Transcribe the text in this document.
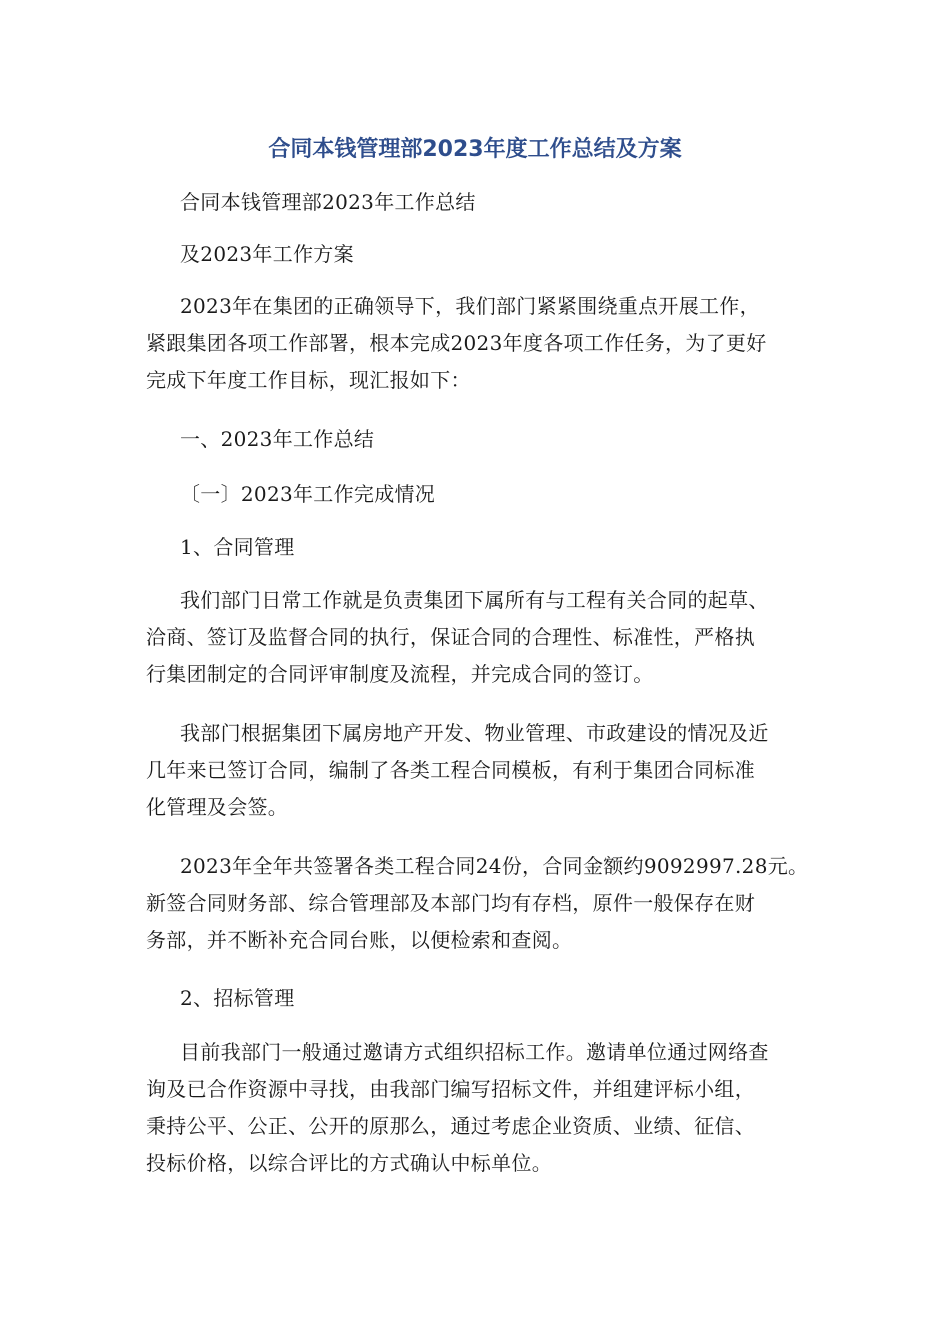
合同本钱管理部2023年度工作总结及方案

合同本钱管理部2023年工作总结

及2023年工作方案

2023年在集团的正确领导下，我们部门紧紧围绕重点开展工作，
紧跟集团各项工作部署，根本完成2023年度各项工作任务，为了更好
完成下年度工作目标，现汇报如下：

一、2023年工作总结

〔一〕2023年工作完成情况

1、合同管理

我们部门日常工作就是负责集团下属所有与工程有关合同的起草、
洽商、签订及监督合同的执行，保证合同的合理性、标准性，严格执
行集团制定的合同评审制度及流程，并完成合同的签订。

我部门根据集团下属房地产开发、物业管理、市政建设的情况及近
几年来已签订合同，编制了各类工程合同模板，有利于集团合同标准
化管理及会签。

2023年全年共签署各类工程合同24份，合同金额约9092997.28元。
新签合同财务部、综合管理部及本部门均有存档，原件一般保存在财
务部，并不断补充合同台账，以便检索和查阅。

2、招标管理

目前我部门一般通过邀请方式组织招标工作。邀请单位通过网络查
询及已合作资源中寻找，由我部门编写招标文件，并组建评标小组，
秉持公平、公正、公开的原那么，通过考虑企业资质、业绩、征信、
投标价格，以综合评比的方式确认中标单位。
